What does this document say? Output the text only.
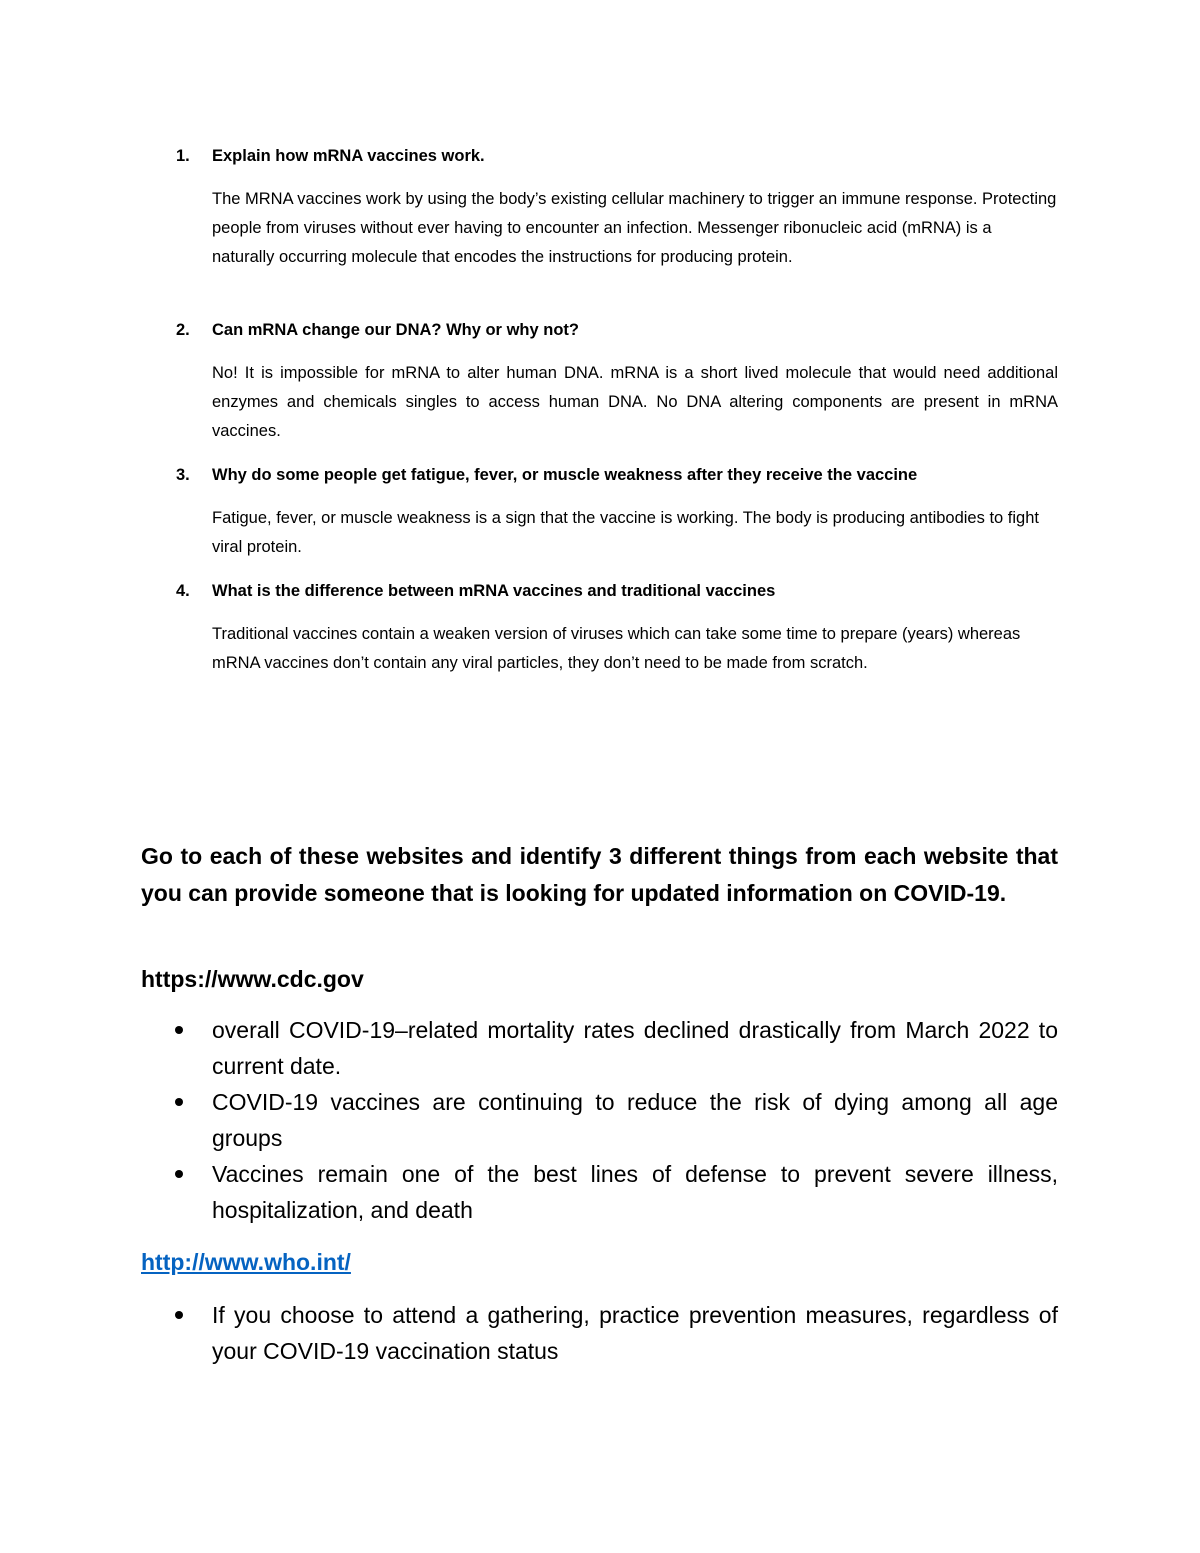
1. Explain how mRNA vaccines work.
The MRNA vaccines work by using the body’s existing cellular machinery to trigger an immune response. Protecting people from viruses without ever having to encounter an infection. Messenger ribonucleic acid (mRNA) is a naturally occurring molecule that encodes the instructions for producing protein.
2. Can mRNA change our DNA? Why or why not?
No! It is impossible for mRNA to alter human DNA. mRNA is a short lived molecule that would need additional enzymes and chemicals singles to access human DNA. No DNA altering components are present in mRNA vaccines.
3. Why do some people get fatigue, fever, or muscle weakness after they receive the vaccine
Fatigue, fever, or muscle weakness is a sign that the vaccine is working. The body is producing antibodies to fight viral protein.
4. What is the difference between mRNA vaccines and traditional vaccines
Traditional vaccines contain a weaken version of viruses which can take some time to prepare (years) whereas mRNA vaccines don’t contain any viral particles, they don’t need to be made from scratch.
Go to each of these websites and identify 3 different things from each website that you can provide someone that is looking for updated information on COVID-19.
https://www.cdc.gov
overall COVID-19–related mortality rates declined drastically from March 2022 to current date.
COVID-19 vaccines are continuing to reduce the risk of dying among all age groups
Vaccines remain one of the best lines of defense to prevent severe illness, hospitalization, and death
http://www.who.int/
If you choose to attend a gathering, practice prevention measures, regardless of your COVID-19 vaccination status
